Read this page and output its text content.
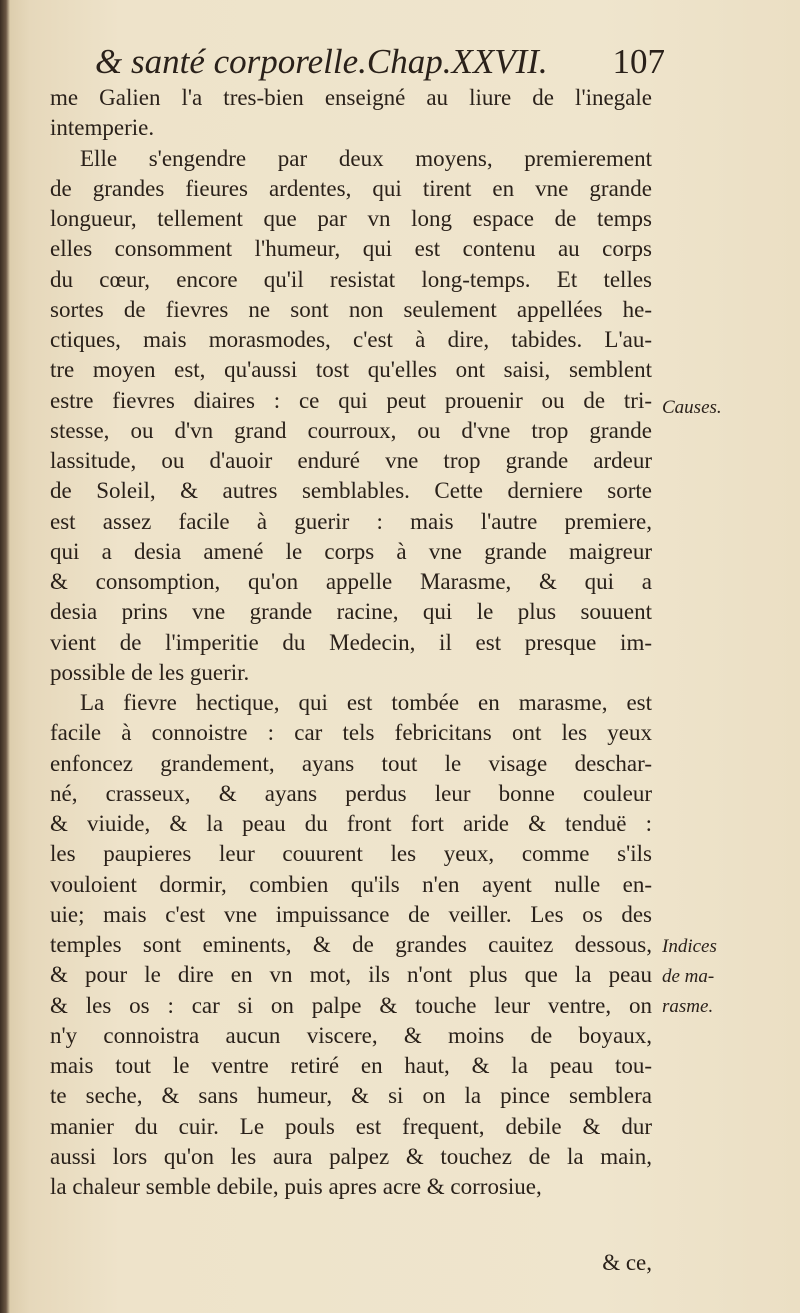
& santé corporelle.Chap.XXVII. 107
me Galien l'a tres-bien enseigné au liure de l'inegale
intemperie.
Elle s'engendre par deux moyens, premierement
de grandes fieures ardentes, qui tirent en vne grande
longueur, tellement que par vn long espace de temps
elles consomment l'humeur, qui est contenu au corps
du cœur, encore qu'il resistat long-temps. Et telles
sortes de fievres ne sont non seulement appellées he-
ctiques, mais morasmodes, c'est à dire, tabides. L'au-
tre moyen est, qu'aussi tost qu'elles ont saisi, semblent
estre fievres diaires : ce qui peut prouenir ou de tri-
stesse, ou d'vn grand courroux, ou d'vne trop grande
lassitude, ou d'auoir enduré vne trop grande ardeur
de Soleil, & autres semblables. Cette derniere sorte
est assez facile à guerir : mais l'autre premiere,
qui a desia amené le corps à vne grande maigreur
& consomption, qu'on appelle Marasme, & qui a
desia prins vne grande racine, qui le plus souuent
vient de l'imperitie du Medecin, il est presque im-
possible de les guerir.
La fievre hectique, qui est tombée en marasme, est
facile à connoistre : car tels febricitans ont les yeux
enfoncez grandement, ayans tout le visage deschar-
né, crasseux, & ayans perdus leur bonne couleur
& viuide, & la peau du front fort aride & tenduë :
les paupieres leur couurent les yeux, comme s'ils
vouloient dormir, combien qu'ils n'en ayent nulle en-
uie; mais c'est vne impuissance de veiller. Les os des
temples sont eminents, & de grandes cauitez dessous,
& pour le dire en vn mot, ils n'ont plus que la peau
& les os : car si on palpe & touche leur ventre, on
n'y connoistra aucun viscere, & moins de boyaux,
mais tout le ventre retiré en haut, & la peau tou-
te seche, & sans humeur, & si on la pince semblera
manier du cuir. Le pouls est frequent, debile & dur
aussi lors qu'on les aura palpez & touchez de la main,
la chaleur semble debile, puis apres acre & corrosiue,
Causes.
Indices
de ma-
rasme.
& ce,
